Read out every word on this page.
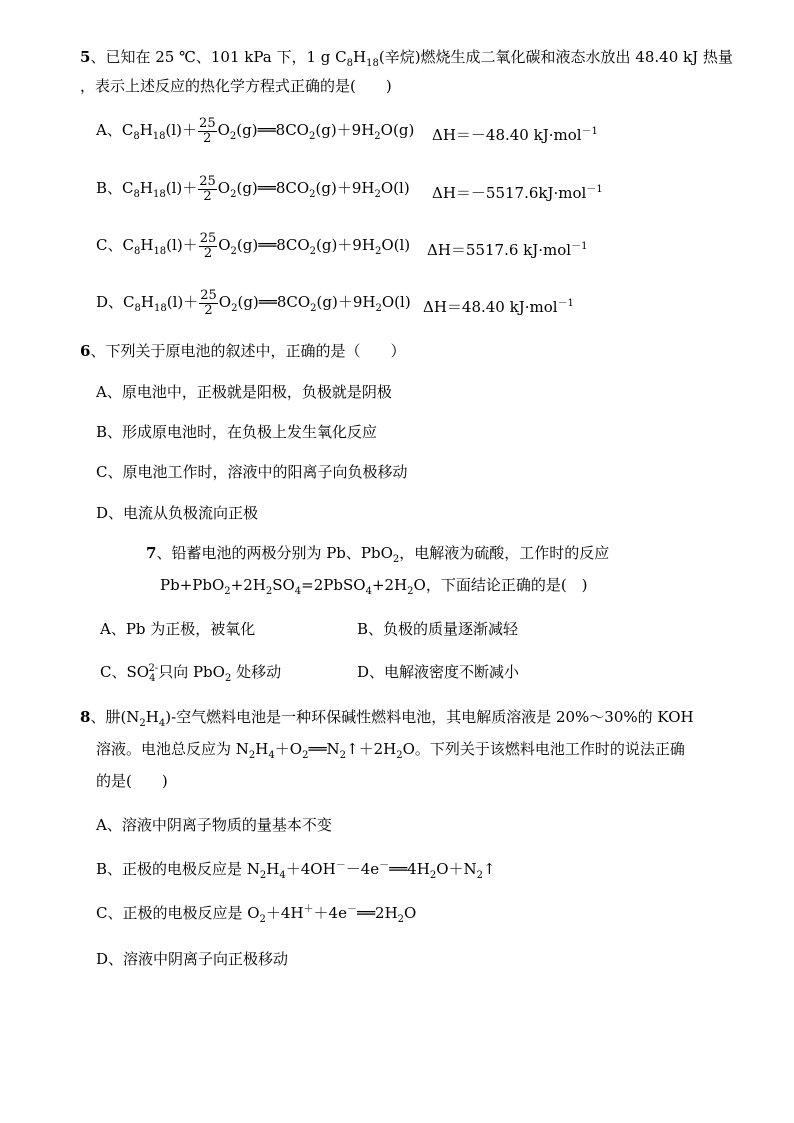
5、已知在 25 ℃、101 kPa 下，1 g $C_8H_{18}$(辛烷)燃烧生成二氧化碳和液态水放出 48.40 kJ 热量
，表示上述反应的热化学方程式正确的是(　　)
A、$C_8H_{18}(l)+ \frac{25}{2}$ $O_2(g)══8CO_2(g)+9H_2O(g)$ ΔH＝－48.40 kJ·mol$^{-1}$
B、$C_8H_{18}(l)+ \frac{25}{2}$ $O_2(g)══8CO_2(g)+9H_2O(l)$ ΔH＝－5517.6kJ·mol$^{-1}$
C、$C_8H_{18}(l)+ \frac{25}{2}$ $O_2(g)══8CO_2(g)+9H_2O(l)$ ΔH＝5517.6 kJ·mol$^{-1}$
D、$C_8H_{18}(l)+ \frac{25}{2}$ $O_2(g)══8CO_2(g)+9H_2O(l)$ ΔH＝48.40 kJ·mol$^{-1}$
6、下列关于原电池的叙述中，正确的是（　　）
A、原电池中，正极就是阳极，负极就是阴极
B、形成原电池时，在负极上发生氧化反应
C、原电池工作时，溶液中的阳离子向负极移动
D、电流从负极流向正极
7、铅蓄电池的两极分别为 Pb、PbO$_2$，电解液为硫酸，工作时的反应
$Pb+PbO_2+2H_2SO_4=2PbSO_4+2H_2O$，下面结论正确的是(　)
A、Pb 为正极，被氧化	B、负极的质量逐渐减轻
C、$SO_4^{2-}$只向 PbO$_2$ 处移动	D、电解液密度不断减小
8、肼$(N_2H_4)-$空气燃料电池是一种环保碱性燃料电池，其电解质溶液是 20%～30%的 KOH
溶液。电池总反应为 $N_2H_4+O_2══N_2↑+2H_2O$。下列关于该燃料电池工作时的说法正确
的是(　　)
A、溶液中阴离子物质的量基本不变
B、正极的电极反应是 $N_2H_4+4OH^--4e^-══4H_2O+N_2↑$
C、正极的电极反应是 $O_2+4H^++4e^-══2H_2O$
D、溶液中阴离子向正极移动
